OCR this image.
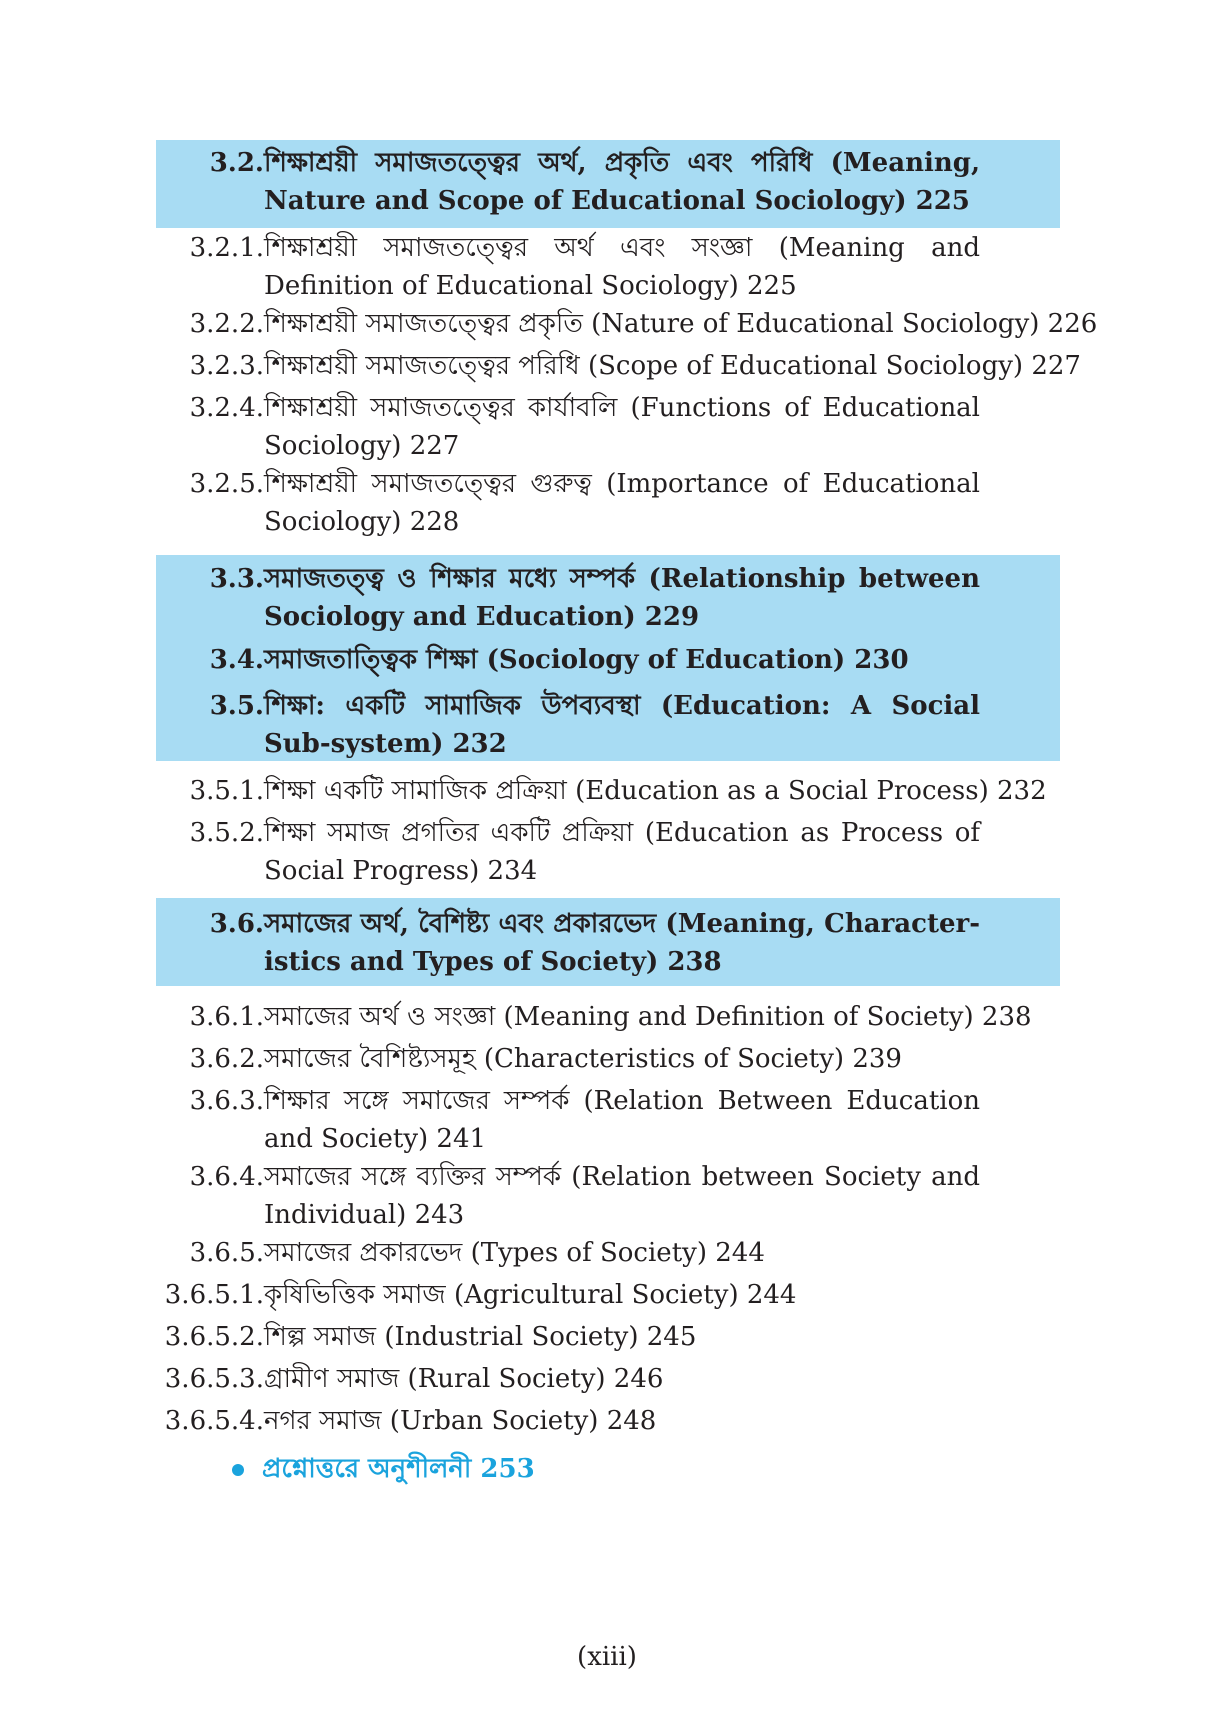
3.2. শিক্ষাশ্রয়ী সমাজতত্ত্বের অর্থ, প্রকৃতি এবং পরিধি (Meaning, Nature and Scope of Educational Sociology) 225
3.2.1. শিক্ষাশ্রয়ী সমাজতত্ত্বের অর্থ এবং সংজ্ঞা (Meaning and Definition of Educational Sociology) 225
3.2.2. শিক্ষাশ্রয়ী সমাজতত্ত্বের প্রকৃতি (Nature of Educational Sociology) 226
3.2.3. শিক্ষাশ্রয়ী সমাজতত্ত্বের পরিধি (Scope of Educational Sociology) 227
3.2.4. শিক্ষাশ্রয়ী সমাজতত্ত্বের কার্যাবলি (Functions of Educational Sociology) 227
3.2.5. শিক্ষাশ্রয়ী সমাজতত্ত্বের গুরুত্ব (Importance of Educational Sociology) 228
3.3. সমাজতত্ত্ব ও শিক্ষার মধ্যে সম্পর্ক (Relationship between Sociology and Education) 229
3.4. সমাজতাত্ত্বিক শিক্ষা (Sociology of Education) 230
3.5. শিক্ষা: একটি সামাজিক উপব্যবস্থা (Education: A Social Sub-system) 232
3.5.1. শিক্ষা একটি সামাজিক প্রক্রিয়া (Education as a Social Process) 232
3.5.2. শিক্ষা সমাজ প্রগতির একটি প্রক্রিয়া (Education as Process of Social Progress) 234
3.6. সমাজের অর্থ, বৈশিষ্ট্য এবং প্রকারভেদ (Meaning, Character-istics and Types of Society) 238
3.6.1. সমাজের অর্থ ও সংজ্ঞা (Meaning and Definition of Society) 238
3.6.2. সমাজের বৈশিষ্ট্যসমূহ (Characteristics of Society) 239
3.6.3. শিক্ষার সঙ্গে সমাজের সম্পর্ক (Relation Between Education and Society) 241
3.6.4. সমাজের সঙ্গে ব্যক্তির সম্পর্ক (Relation between Society and Individual) 243
3.6.5. সমাজের প্রকারভেদ (Types of Society) 244
3.6.5.1. কৃষিভিত্তিক সমাজ (Agricultural Society) 244
3.6.5.2. শিল্প সমাজ (Industrial Society) 245
3.6.5.3. গ্রামীণ সমাজ (Rural Society) 246
3.6.5.4. নগর সমাজ (Urban Society) 248
প্রশ্নোত্তরে অনুশীলনী 253
(xiii)
